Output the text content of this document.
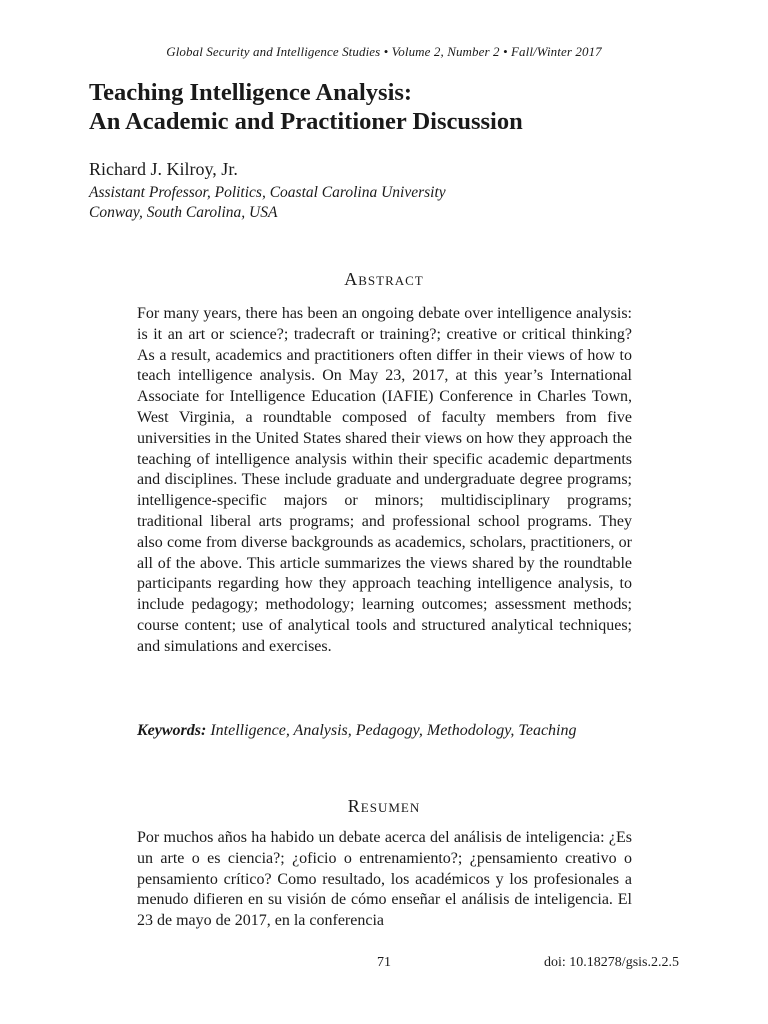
Global Security and Intelligence Studies • Volume 2, Number 2 • Fall/Winter 2017
Teaching Intelligence Analysis:
An Academic and Practitioner Discussion
Richard J. Kilroy, Jr.
Assistant Professor, Politics, Coastal Carolina University
Conway, South Carolina, USA
Abstract
For many years, there has been an ongoing debate over intelligence analysis: is it an art or science?; tradecraft or training?; creative or critical thinking? As a result, academics and practitioners often differ in their views of how to teach intelligence analysis. On May 23, 2017, at this year’s International Associate for Intelligence Education (IAFIE) Conference in Charles Town, West Virginia, a roundtable composed of faculty members from five universities in the United States shared their views on how they approach the teaching of intelligence analysis within their specific academic departments and disciplines. These include graduate and undergraduate degree programs; intelligence-specific majors or minors; multidisciplinary programs; traditional liberal arts programs; and professional school programs. They also come from diverse backgrounds as academics, scholars, practitioners, or all of the above. This article summarizes the views shared by the roundtable participants regarding how they approach teaching intelligence analysis, to include pedagogy; methodology; learning outcomes; assessment methods; course content; use of analytical tools and structured analytical techniques; and simulations and exercises.
Keywords: Intelligence, Analysis, Pedagogy, Methodology, Teaching
Resumen
Por muchos años ha habido un debate acerca del análisis de inteligencia: ¿Es un arte o es ciencia?; ¿oficio o entrenamiento?; ¿pensamiento creativo o pensamiento crítico? Como resultado, los académicos y los profesionales a menudo difieren en su visión de cómo enseñar el análisis de inteligencia. El 23 de mayo de 2017, en la conferencia
71	doi: 10.18278/gsis.2.2.5
